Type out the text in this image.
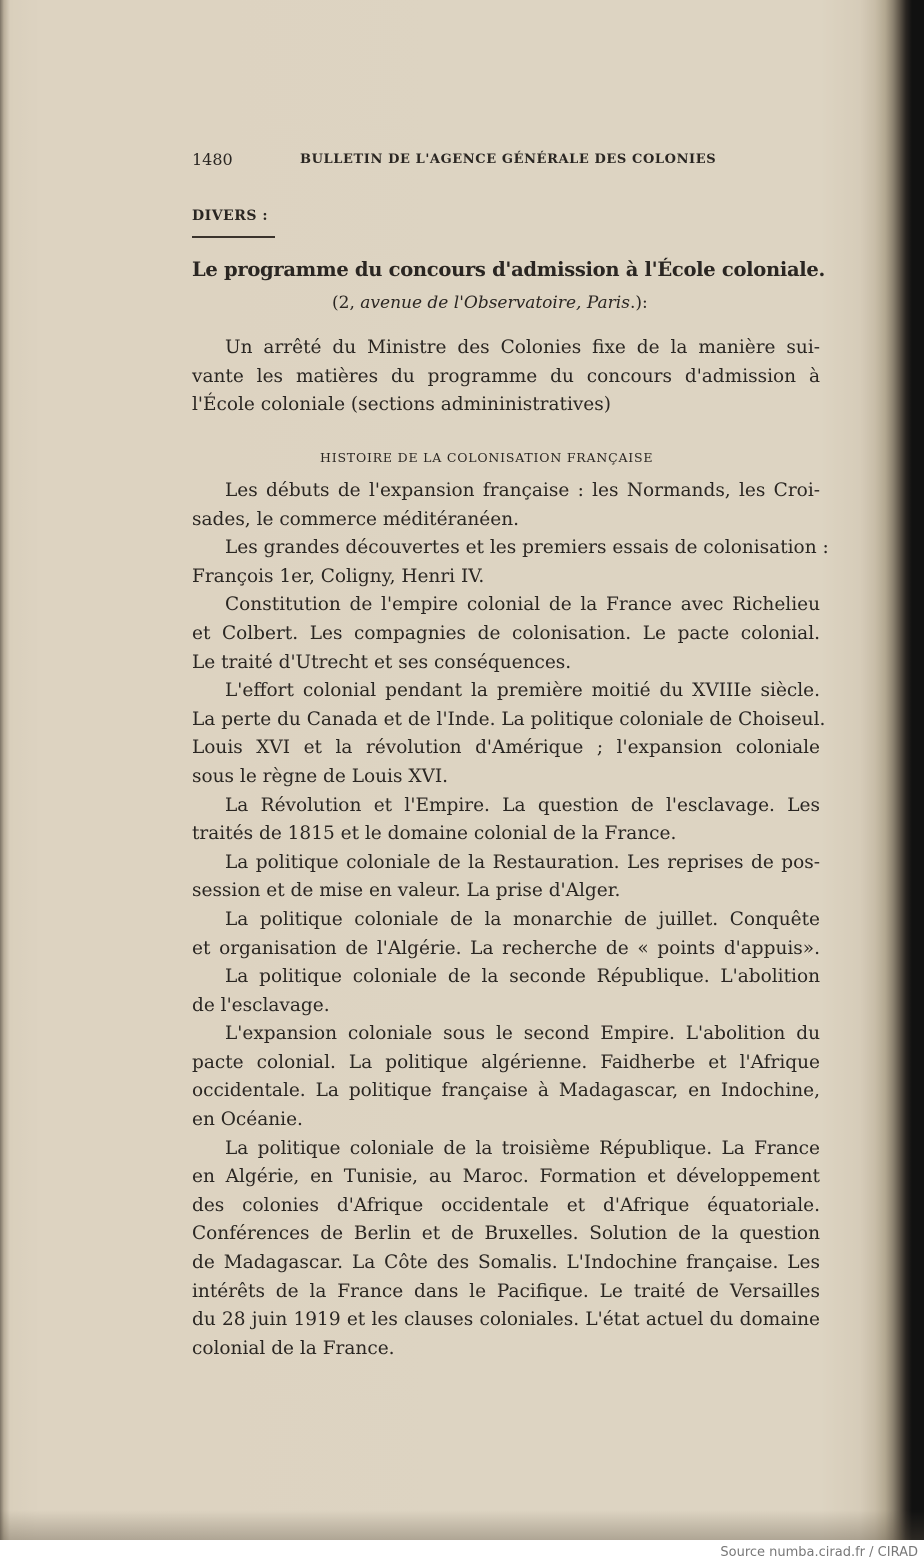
1480	BULLETIN DE L'AGENCE GÉNÉRALE DES COLONIES
DIVERS :
Le programme du concours d'admission à l'École coloniale.
(2, avenue de l'Observatoire, Paris.):
Un arrêté du Ministre des Colonies fixe de la manière sui-
vante les matières du programme du concours d'admission à
l'École coloniale (sections admininistratives)
HISTOIRE DE LA COLONISATION FRANÇAISE
Les débuts de l'expansion française : les Normands, les Croi-
sades, le commerce méditéranéen.
Les grandes découvertes et les premiers essais de colonisation :
François 1er, Coligny, Henri IV.
Constitution de l'empire colonial de la France avec Richelieu
et Colbert. Les compagnies de colonisation. Le pacte colonial.
Le traité d'Utrecht et ses conséquences.
L'effort colonial pendant la première moitié du XVIIIe siècle.
La perte du Canada et de l'Inde. La politique coloniale de Choiseul.
Louis XVI et la révolution d'Amérique ; l'expansion coloniale
sous le règne de Louis XVI.
La Révolution et l'Empire. La question de l'esclavage. Les
traités de 1815 et le domaine colonial de la France.
La politique coloniale de la Restauration. Les reprises de pos-
session et de mise en valeur. La prise d'Alger.
La politique coloniale de la monarchie de juillet. Conquête
et organisation de l'Algérie. La recherche de « points d'appuis».
La politique coloniale de la seconde République. L'abolition
de l'esclavage.
L'expansion coloniale sous le second Empire. L'abolition du
pacte colonial. La politique algérienne. Faidherbe et l'Afrique
occidentale. La politique française à Madagascar, en Indochine,
en Océanie.
La politique coloniale de la troisième République. La France
en Algérie, en Tunisie, au Maroc. Formation et développement
des colonies d'Afrique occidentale et d'Afrique équatoriale.
Conférences de Berlin et de Bruxelles. Solution de la question
de Madagascar. La Côte des Somalis. L'Indochine française. Les
intérêts de la France dans le Pacifique. Le traité de Versailles
du 28 juin 1919 et les clauses coloniales. L'état actuel du domaine
colonial de la France.
Source numba.cirad.fr / CIRAD
